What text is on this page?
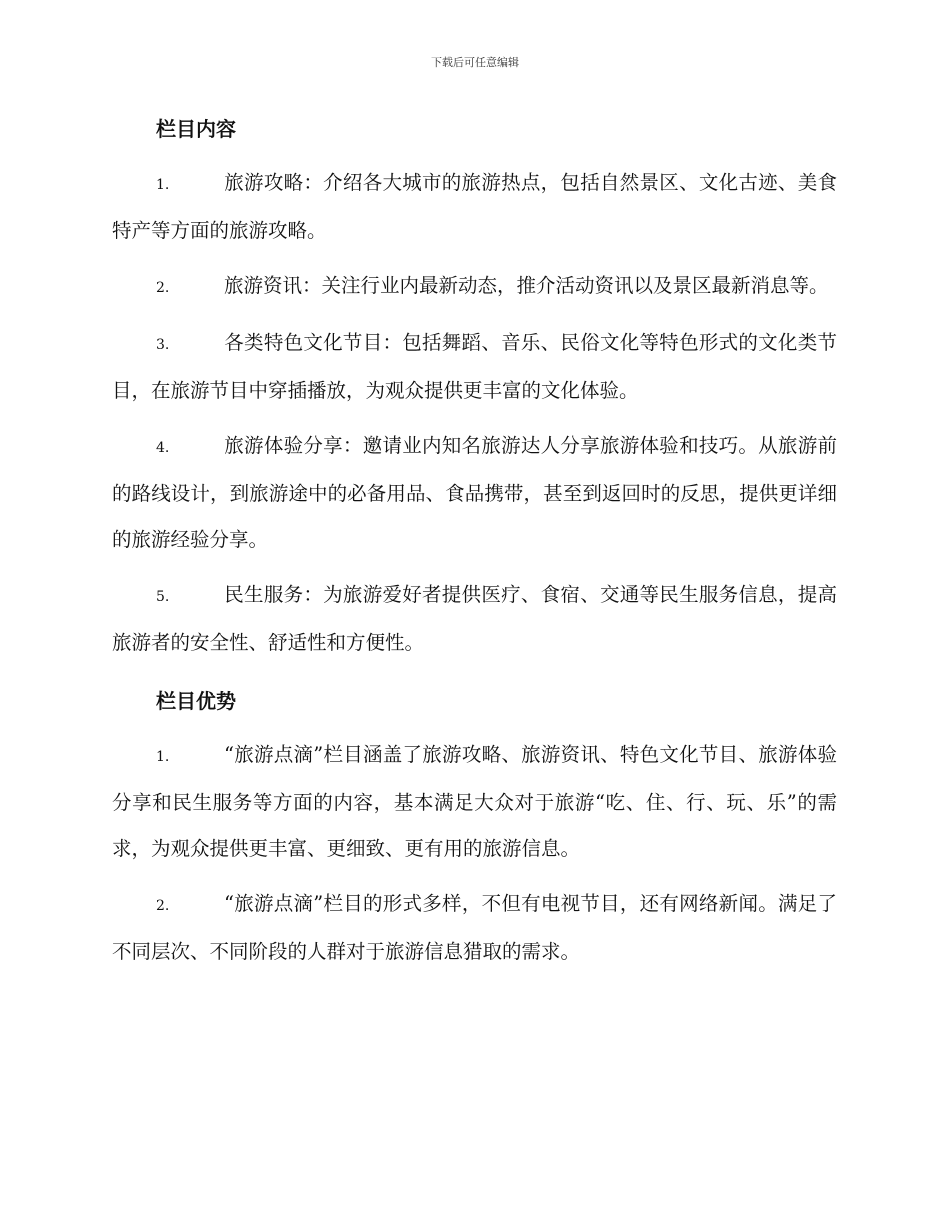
下载后可任意编辑
栏目内容

1.	旅游攻略：介绍各大城市的旅游热点，包括自然景区、文化古迹、美食特产等方面的旅游攻略。

2.	旅游资讯：关注行业内最新动态，推介活动资讯以及景区最新消息等。

3.	各类特色文化节目：包括舞蹈、音乐、民俗文化等特色形式的文化类节目，在旅游节目中穿插播放，为观众提供更丰富的文化体验。

4.	旅游体验分享：邀请业内知名旅游达人分享旅游体验和技巧。从旅游前的路线设计，到旅游途中的必备用品、食品携带，甚至到返回时的反思，提供更详细的旅游经验分享。

5.	民生服务：为旅游爱好者提供医疗、食宿、交通等民生服务信息，提高旅游者的安全性、舒适性和方便性。

栏目优势

1.	“旅游点滴”栏目涵盖了旅游攻略、旅游资讯、特色文化节目、旅游体验分享和民生服务等方面的内容，基本满足大众对于旅游“吃、住、行、玩、乐”的需求，为观众提供更丰富、更细致、更有用的旅游信息。

2.	“旅游点滴”栏目的形式多样，不但有电视节目，还有网络新闻。满足了不同层次、不同阶段的人群对于旅游信息猎取的需求。
